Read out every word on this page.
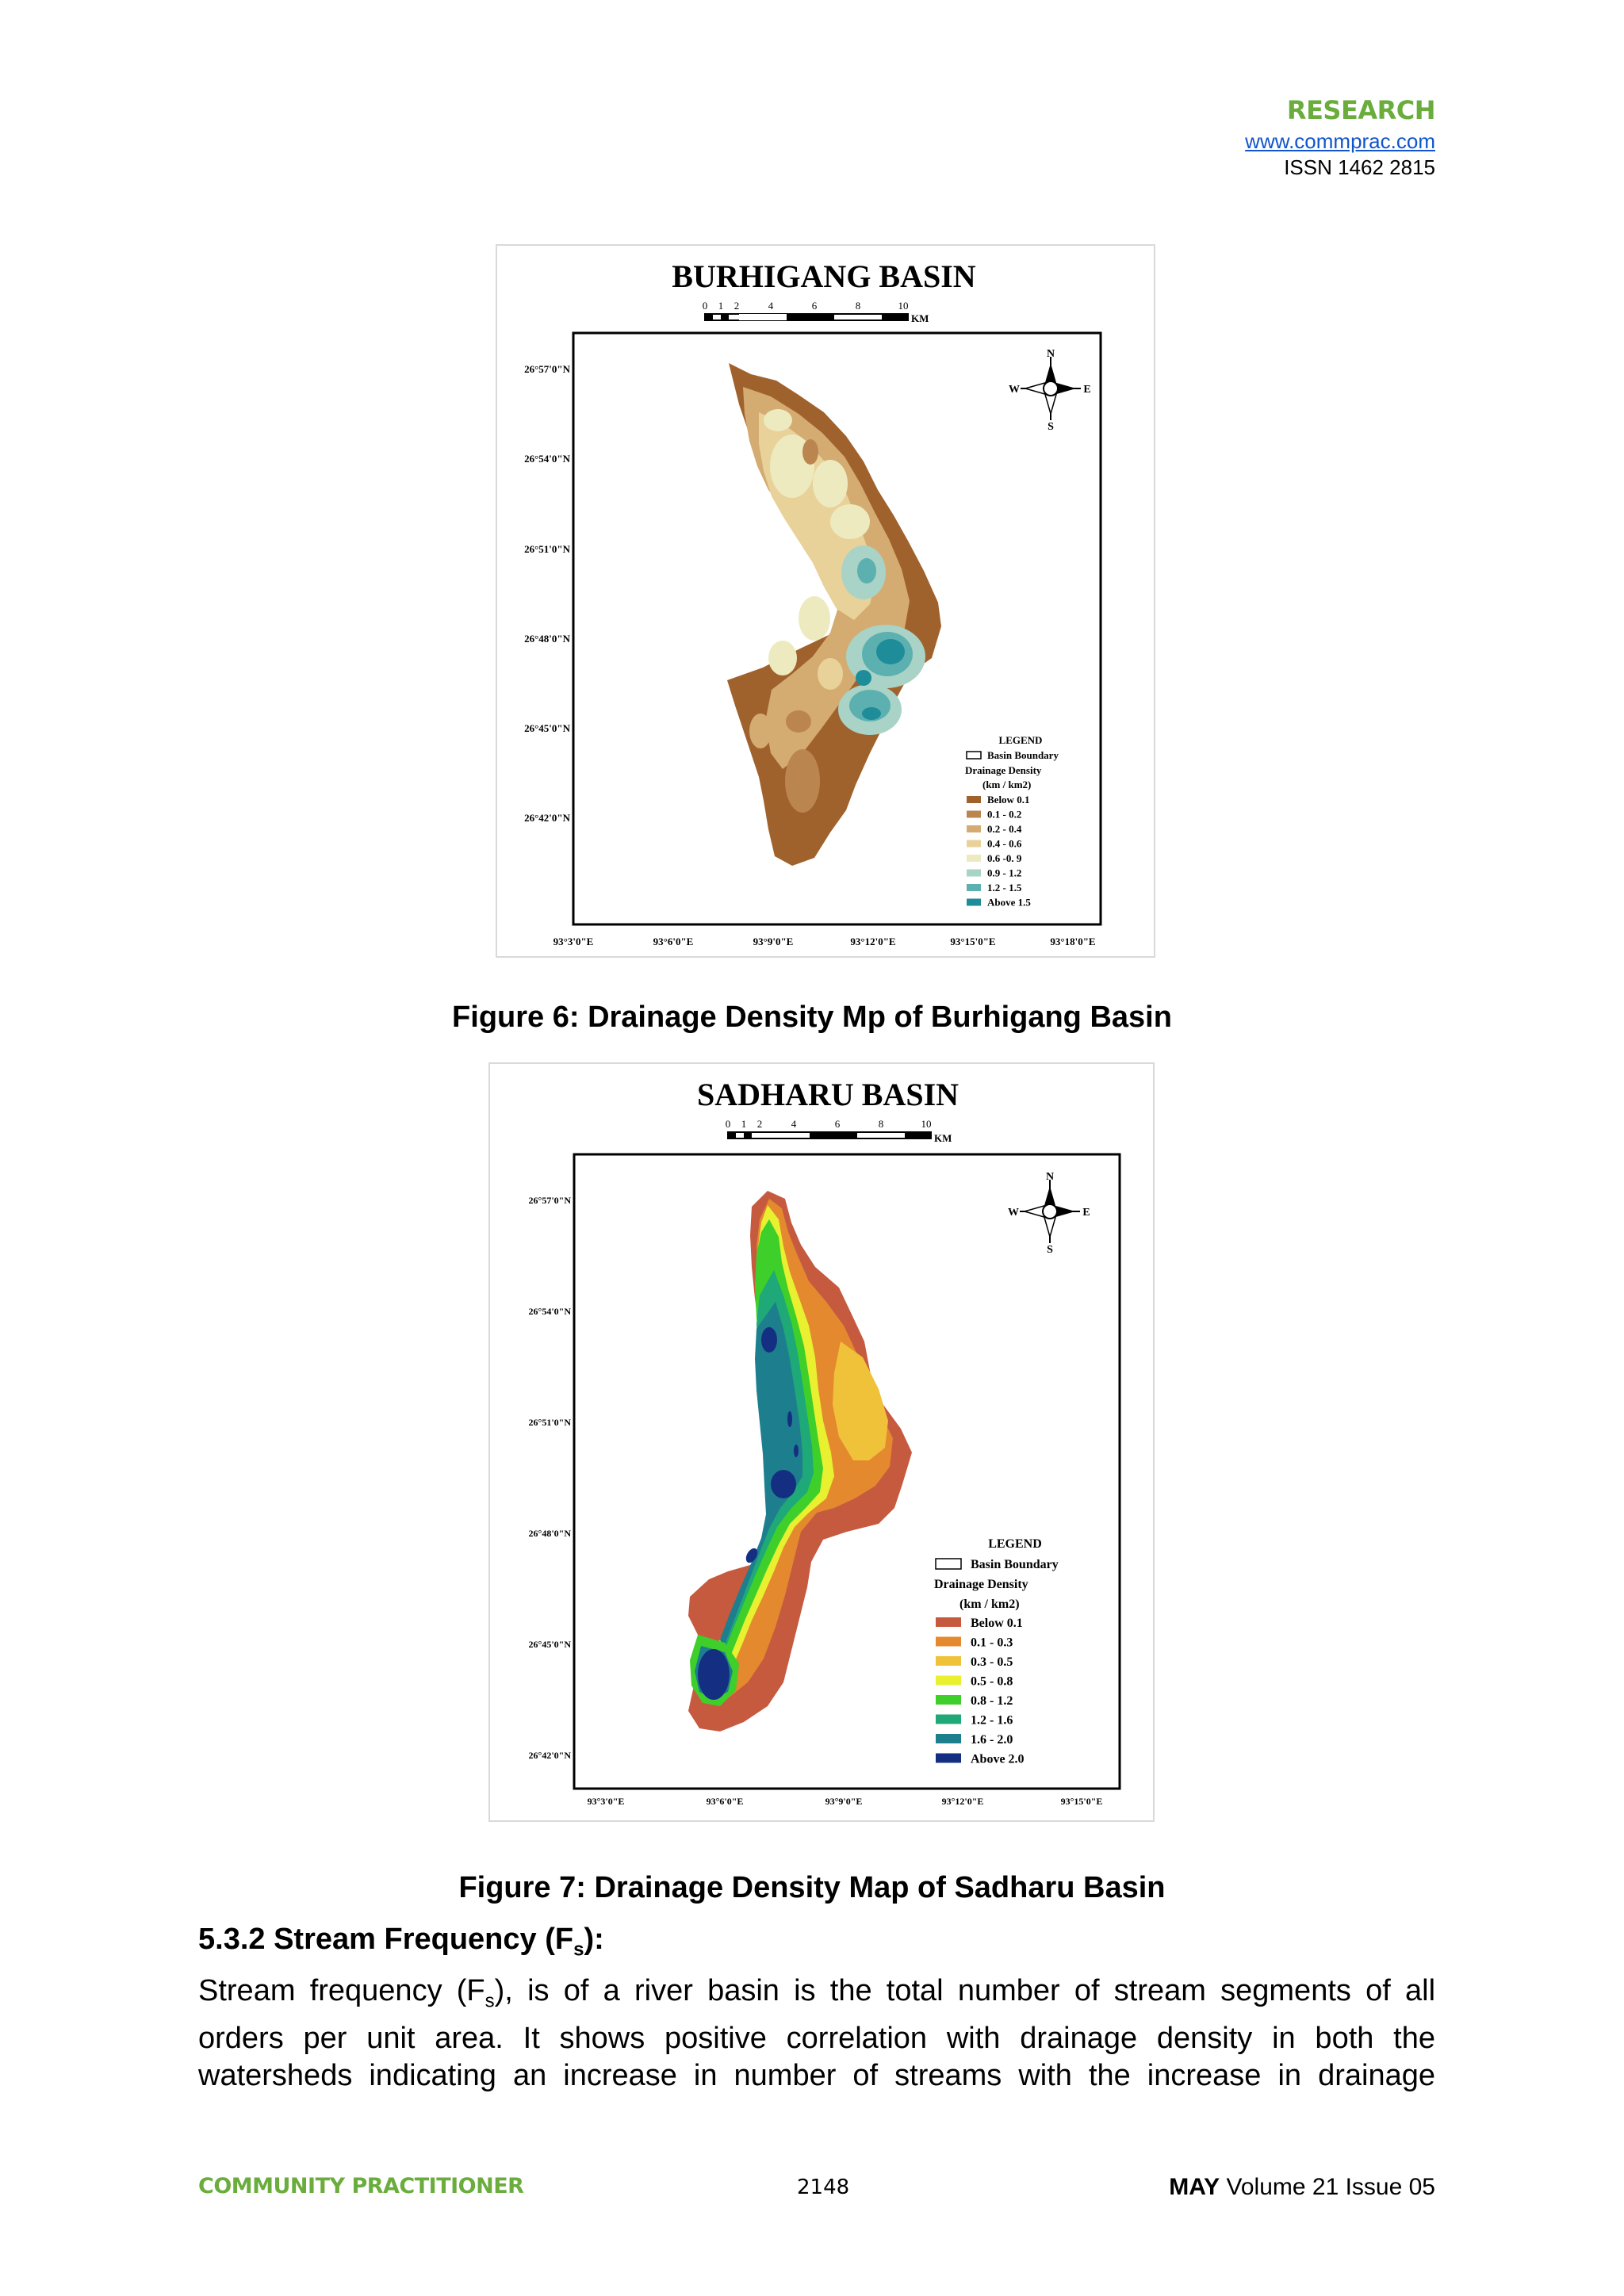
RESEARCH
www.commprac.com
ISSN 1462 2815
BURHIGANG BASIN
0 1 2	4	6	8	10
KM
26°57'0"N
26°54'0"N
26°51'0"N
26°48'0"N
26°45'0"N
26°42'0"N
93°3'0"E	93°6'0"E	93°9'0"E	93°12'0"E	93°15'0"E	93°18'0"E
N
S
E
W
LEGEND
Basin Boundary
Drainage Density
(km / km2)
Below 0.1
0.1 - 0.2
0.2 - 0.4
0.4 - 0.6
0.6 -0. 9
0.9 - 1.2
1.2 - 1.5
Above 1.5
Figure 6: Drainage Density Mp of Burhigang Basin
SADHARU BASIN
0 1 2	4	6	8	10
KM
26°57'0"N
26°54'0"N
26°51'0"N
26°48'0"N
26°45'0"N
26°42'0"N
93°3'0"E	93°6'0"E	93°9'0"E	93°12'0"E	93°15'0"E
N
S
E
W
LEGEND
Basin Boundary
Drainage Density
(km / km2)
Below 0.1
0.1 - 0.3
0.3 - 0.5
0.5 - 0.8
0.8 - 1.2
1.2 - 1.6
1.6 - 2.0
Above 2.0
Figure 7: Drainage Density Map of Sadharu Basin
5.3.2 Stream Frequency $(F_s)$:
Stream frequency $(F_s)$, is of a river basin is the total number of stream segments of all
orders per unit area. It shows positive correlation with drainage density in both the
watersheds indicating an increase in number of streams with the increase in drainage
COMMUNITY PRACTITIONER	2148	MAY Volume 21 Issue 05
